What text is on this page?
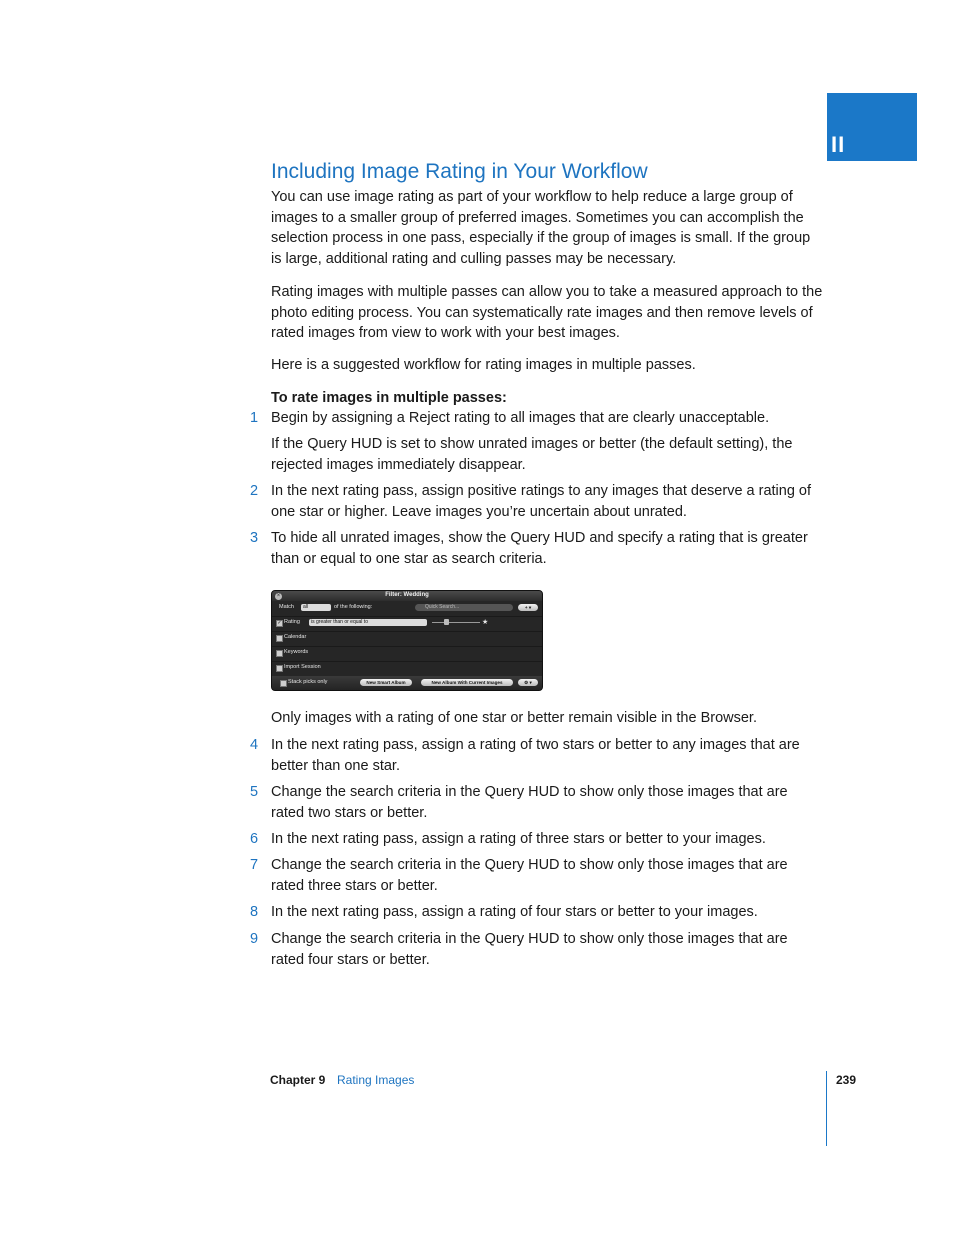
II
Including Image Rating in Your Workflow

You can use image rating as part of your workflow to help reduce a large group of images to a smaller group of preferred images. Sometimes you can accomplish the selection process in one pass, especially if the group of images is small. If the group is large, additional rating and culling passes may be necessary.

Rating images with multiple passes can allow you to take a measured approach to the photo editing process. You can systematically rate images and then remove levels of rated images from view to work with your best images.

Here is a suggested workflow for rating images in multiple passes.

To rate images in multiple passes:

1 Begin by assigning a Reject rating to all images that are clearly unacceptable.

If the Query HUD is set to show unrated images or better (the default setting), the rejected images immediately disappear.

2 In the next rating pass, assign positive ratings to any images that deserve a rating of one star or higher. Leave images you’re uncertain about unrated.

3 To hide all unrated images, show the Query HUD and specify a rating that is greater than or equal to one star as search criteria.

×	Filter: Wedding
Match	all	of the following:	Quick Search...	+ ▾
✓ Rating	is greater than or equal to	★
Calendar
Keywords
Import Session
Stack picks only	New Smart Album	New Album With Current Images	⚙ ▾

Only images with a rating of one star or better remain visible in the Browser.

4 In the next rating pass, assign a rating of two stars or better to any images that are better than one star.

5 Change the search criteria in the Query HUD to show only those images that are rated two stars or better.

6 In the next rating pass, assign a rating of three stars or better to your images.

7 Change the search criteria in the Query HUD to show only those images that are rated three stars or better.

8 In the next rating pass, assign a rating of four stars or better to your images.

9 Change the search criteria in the Query HUD to show only those images that are rated four stars or better.

Chapter 9 Rating Images	239
